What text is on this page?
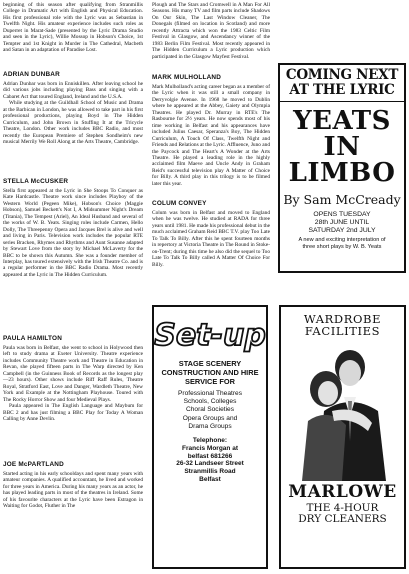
beginning of this season after qualifying from Stranmillis College in Dramatic Art with English and Physical Education. His first professional role with the Lyric was as Sebastian in Twelfth Night. His amateur experience includes such roles as Duperret in Marat-Sade (presented by the Lyric Drama Studio and seen in the Lyric), Willie Mossop in Hobson's Choice, 1st Tempter and 1st Knight in Murder in The Cathedral, Macbeth and Satan in an adaptation of Paradise Lost.

ADRIAN DUNBAR

Adrian Dunbar was born in Enniskillen. After leaving school he did various jobs including playing Bass and singing with a Cabaret Act that toured England, Ireland and the U.S.A.

While studying at the Guildhall School of Music and Drama at the Barbican in London, he was allowed to take part in his first professional productions, playing Boyd in The Hidden Curriculum, and John Brown in Stuffing It at the Tricycle Theatre, London. Other work includes BBC Radio, and most recently the European Premiere of Stephen Sondheim's new musical Merrily We Roll Along at the Arts Theatre, Cambridge.

STELLA McCUSKER

Stella first appeared at the Lyric in She Stoops To Conquer as Kate Hardcastle. Theatre work since includes Playboy of the Western World (Pegeen Mike), Hobson's Choice (Maggie Hobson), Samuel Beckett's Not I, A Midsummer Night's Dream (Titania), The Tempest (Ariel), An Ideal Husband and several of the works of W. B. Yeats. Singing roles include Carmen, Hello Dolly, The Threepenny Opera and Jacques Brel is alive and well and living in Paris. Television work includes the popular RTE series Bracken, Rhymes and Rhythms and Aunt Susanne adapted by Stewart Love from the story by Michael McLaverty for the BBC to be shown this Autumn. She was a founder member of Interplay, has toured extensively with the Irish Theatre Co. and is a regular performer in the BBC Radio Drama. Most recently appeared at the Lyric in The Hidden Curriculum.

PAULA HAMILTON

Paula was born in Belfast, she went to school in Holywood then left to study drama at Exeter University. Theatre experience includes Community Theatre work and Theatre in Education in Revan, she played fifteen parts in The Warp directed by Ken Campbell (in the Guinness Book of Records as the longest play—23 hours). Other shows include Riff Raff Rules, Theatre Royal, Stratford East, Love and Danger, Wardleth Theatre, New York and Example at the Nottingham Playhouse. Toured with The Rocky Horror Show and four Medieval Plays.

Paula appeared in The English Language and Maybum for BBC 2 and has just filming a BBC Play for Today A Woman Calling by Anne Devlin.

JOE McPARTLAND

Started acting in his early schooldays and spent many years with amateur companies. A qualified accountant, he lived and worked for three years in America. During his many years as an actor, he has played leading parts in most of the theatres in Ireland. Some of his favourite characters at the Lyric have been Estragon in Waiting for Godot, Fluther in The

Plough and The Stars and Cromwell in A Man For All Seasons. His many TV and film parts include Shadows On Our Skin, The Last Window Cleaner, The Donegals (filmed on location in Scotland) and more recently Attracta which won the 1983 Celtic Film Festival in Glasgow, and Ascendancy winner of the 1983 Berlin Film Festival. Most recently appeared in The Hidden Curriculum a Lyric production which participated in the Glasgow Mayfest Festival.

MARK MULHOLLAND

Mark Mulholland's acting career began as a member of the Lyric when it was still a small company in Derryvolgie Avenue. In 1968 he moved to Dublin where he appeared at the Abbey, Gaiety and Olympia Theatres. He played Dr. Murray in RTE's The Rasbourne for 2½ years. He now spends most of his time working in Belfast and his appearances have included Julius Caesar, Speranza's Boy, The Hidden Curriculum, A Touch Of Class, Twelfth Night and Friends and Relations at the Lyric. Affluence, Juno and the Paycock and The Heart's A Wonder at the Arts Theatre. He played a leading role in the highly acclaimed film Maeve and Uncle Andy in Graham Reid's successful television play A Matter of Choice for Billy. A third play in this trilogy is to be filmed later this year.

COLUM CONVEY

Colum was born in Belfast and moved to England when he was twelve. He studied at RADA for three years until 1981. He made his professional debut in the much acclaimed Graham Reid BBC T.V. play Too Late To Talk To Billy. After this he spent fourteen months in repertory at Victoria Theatre in The Round in Stoke-on-Trent; during this time he also did the sequel to Too Late To Talk To Billy called A Matter Of Choice For Billy.

COMING NEXT AT THE LYRIC
YEATS IN
LIMBO
By Sam McCready
OPENS TUESDAY
28th JUNE UNTIL
SATURDAY 2nd JULY
A new and exciting interpretation of three short plays by W. B. Yeats
Set-up
STAGE SCENERY CONSTRUCTION AND HIRE SERVICE FOR
Professional Theatres
Schools, Colleges
Choral Societies
Opera Groups and
Drama Groups
Telephone:
Francis Morgan at
belfast 681266
26-32 Landseer Street
Stranmillis Road
Belfast
WARDROBE
FACILITIES
MARLOWE
THE 4-HOUR
DRY CLEANERS
